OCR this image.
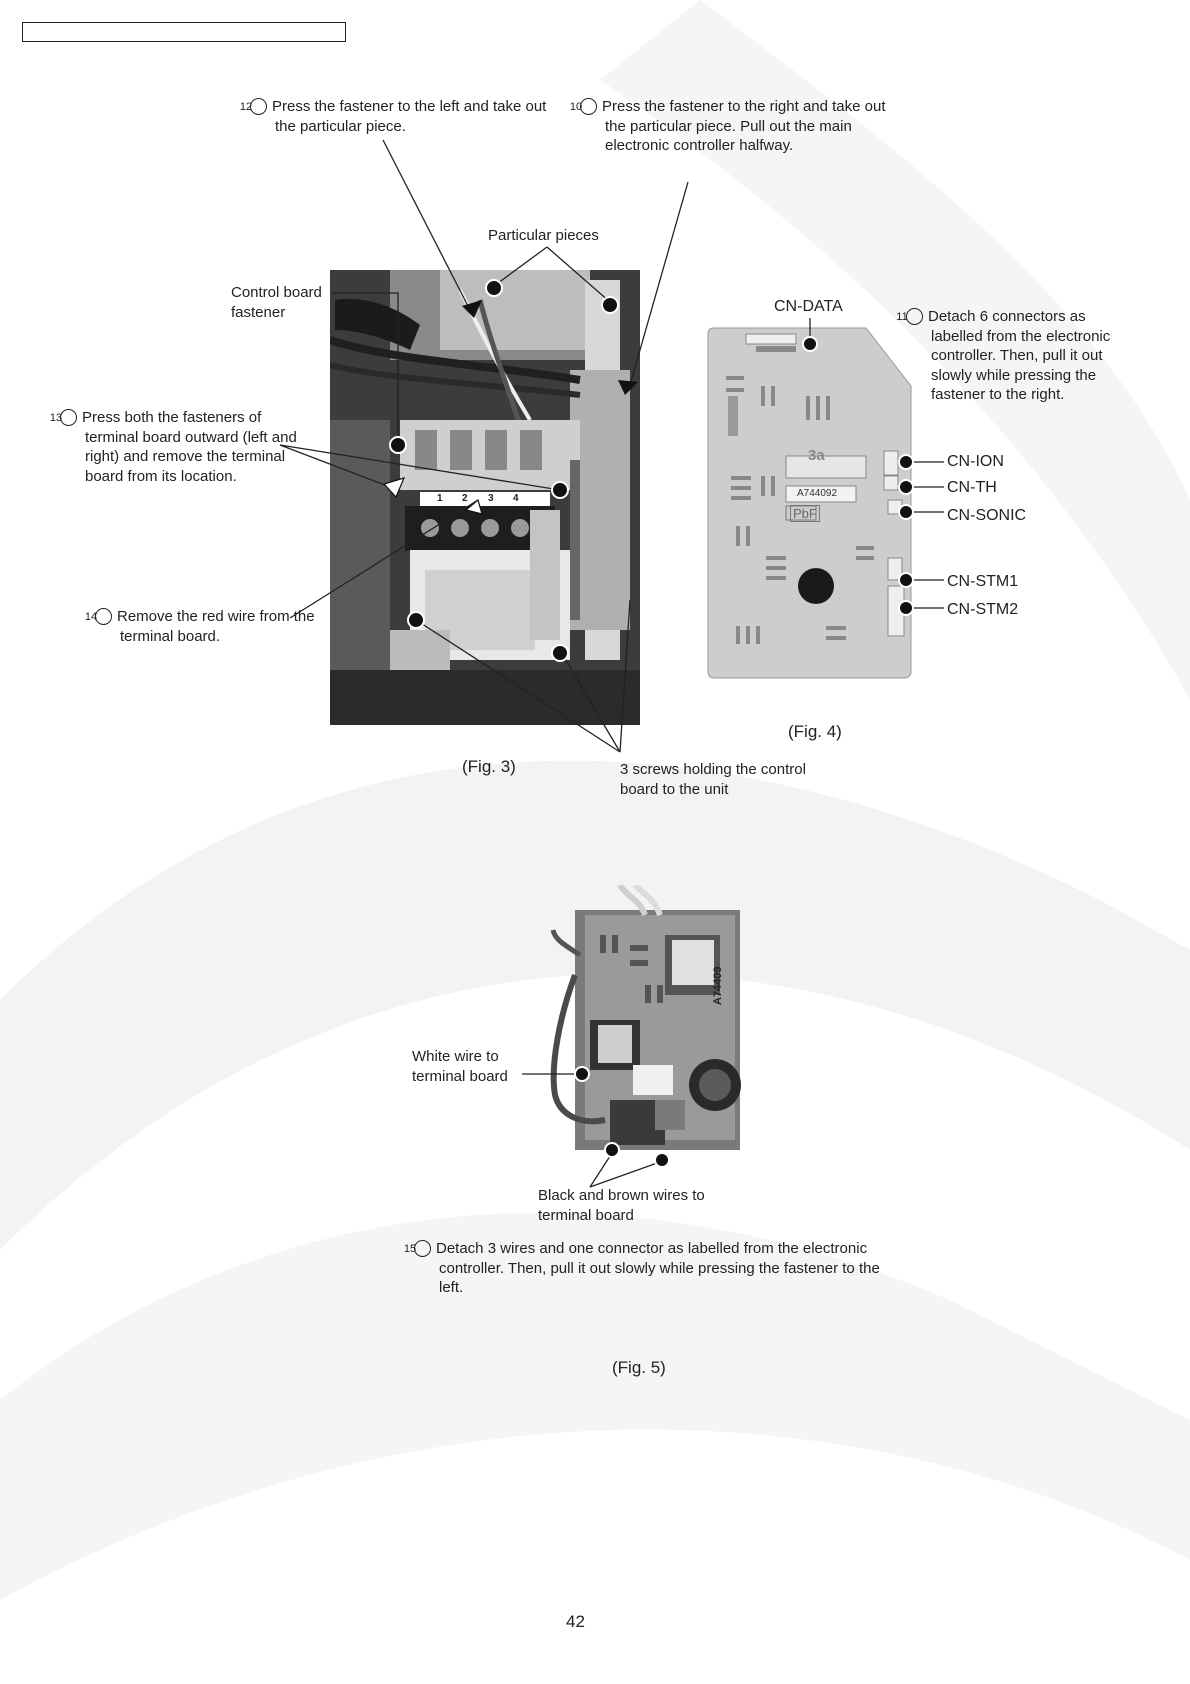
1 2 3 4
12 Press the fastener to the left and take out the particular piece.
10 Press the fastener to the right and take out the particular piece. Pull out the main electronic controller halfway.
Particular pieces
Control board fastener
13 Press both the fasteners of terminal board outward (left and right) and remove the terminal board from its location.
14 Remove the red wire from the terminal board.
3 screws holding the control board to the unit
(Fig. 3)
3a
A744092
PbF
CN-DATA
11 Detach 6 connectors as labelled from the electronic controller. Then, pull it out slowly while pressing the fastener to the right.
CN-ION
CN-TH
CN-SONIC
CN-STM1
CN-STM2
(Fig. 4)
A74409
White wire to terminal board
Black and brown wires to terminal board
15 Detach 3 wires and one connector as labelled from the electronic controller. Then, pull it out slowly while pressing the fastener to the left.
(Fig. 5)
42
